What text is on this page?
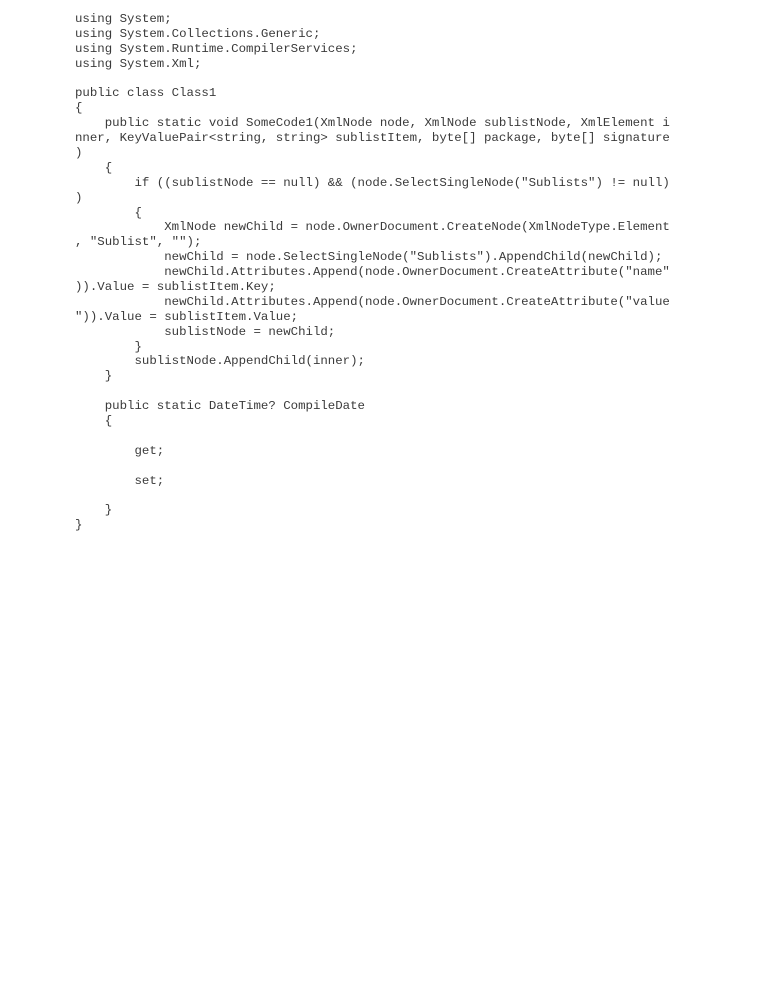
using System;
using System.Collections.Generic;
using System.Runtime.CompilerServices;
using System.Xml;
public class Class1
{
public static void SomeCode1(XmlNode node, XmlNode sublistNode, XmlElement i
nner, KeyValuePair<string, string> sublistItem, byte[] package, byte[] signature
)
{
if ((sublistNode == null) && (node.SelectSingleNode("Sublists") != null)
)
{
XmlNode newChild = node.OwnerDocument.CreateNode(XmlNodeType.Element
, "Sublist", "");
newChild = node.SelectSingleNode("Sublists").AppendChild(newChild);
newChild.Attributes.Append(node.OwnerDocument.CreateAttribute("name"
)).Value = sublistItem.Key;
newChild.Attributes.Append(node.OwnerDocument.CreateAttribute("value
")).Value = sublistItem.Value;
sublistNode = newChild;
}
sublistNode.AppendChild(inner);
}
public static DateTime? CompileDate
{
get;
set;
}
}
